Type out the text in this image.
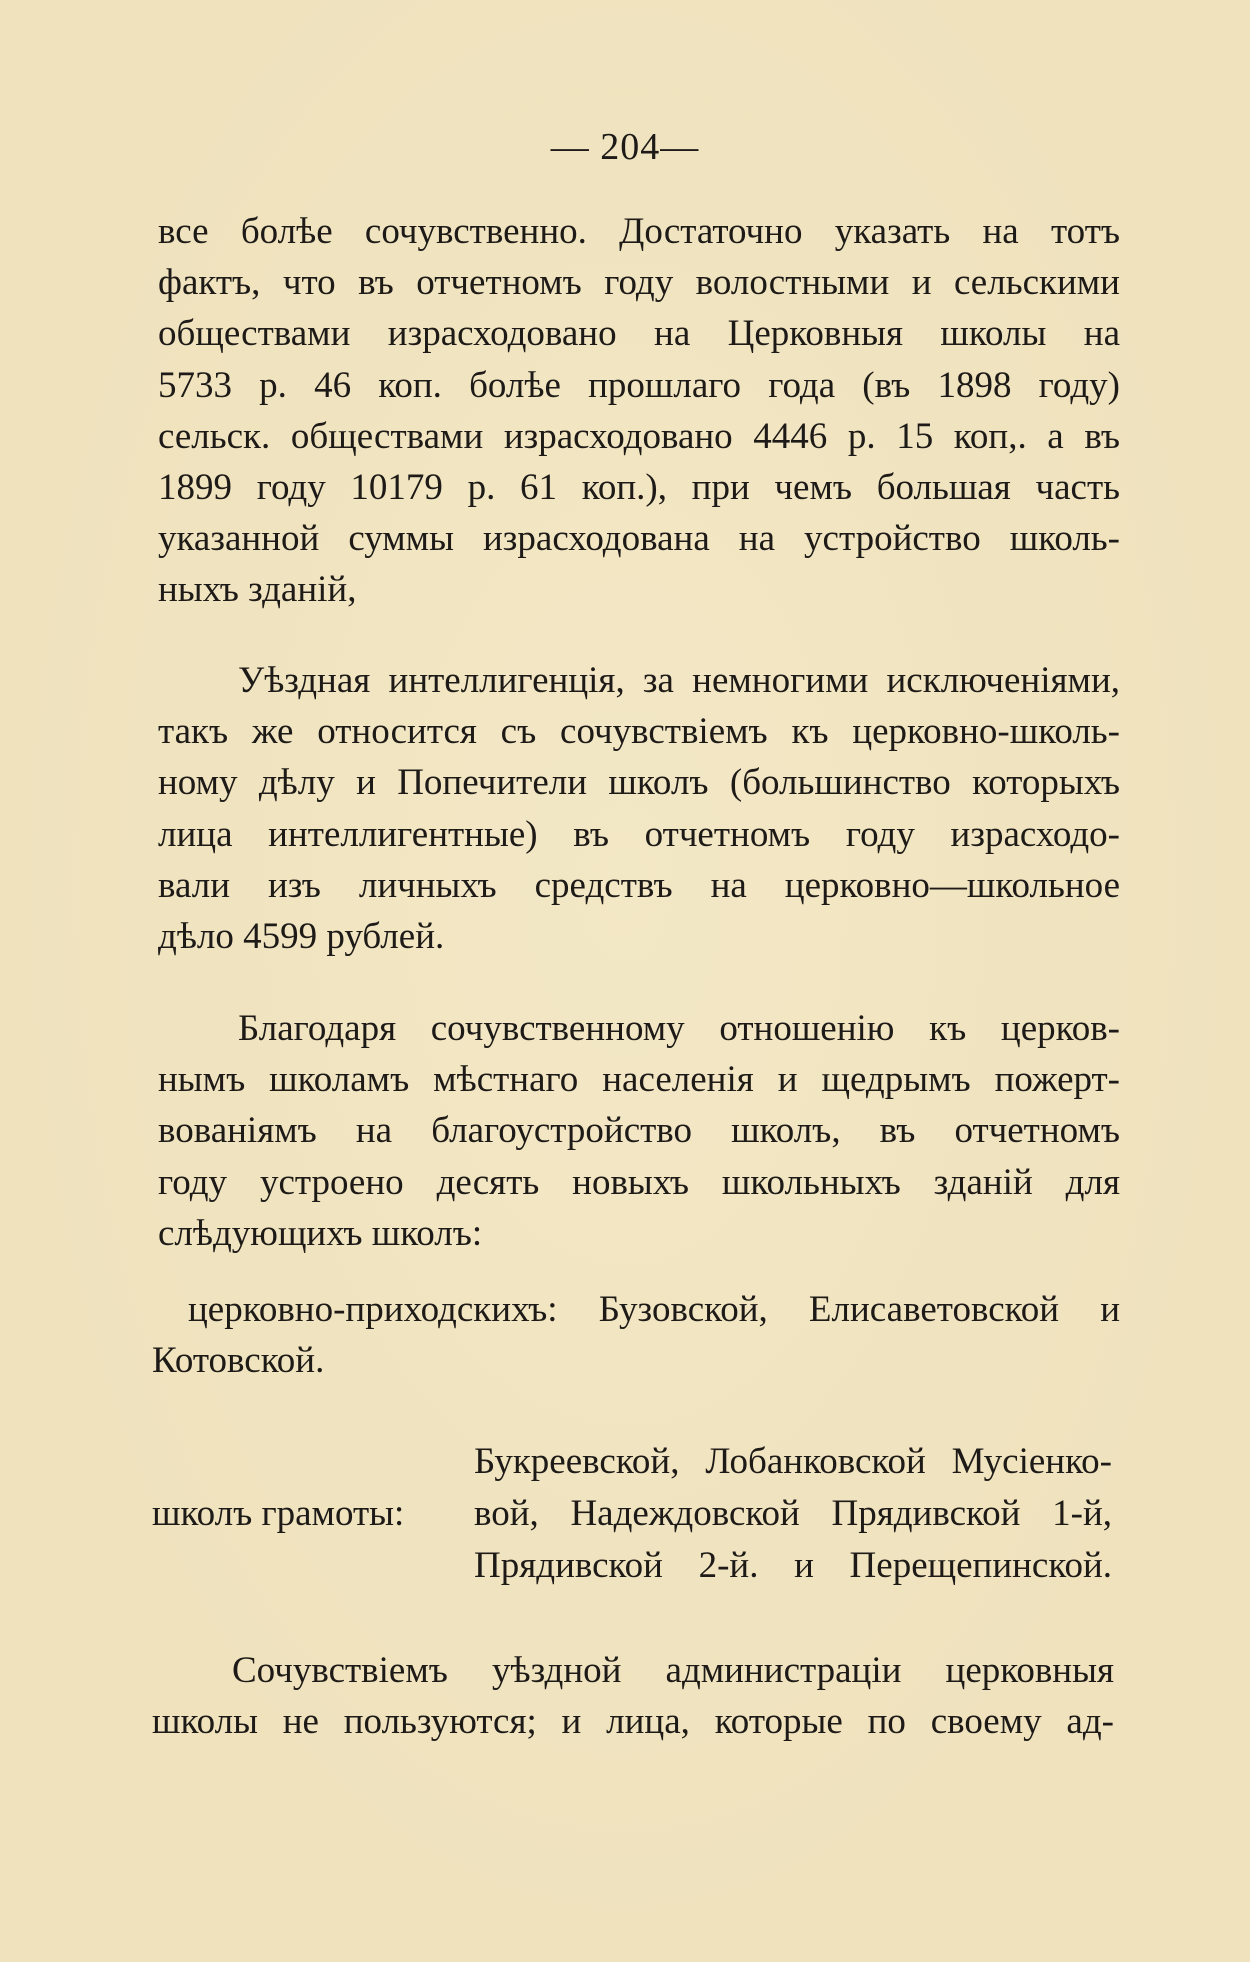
— 204—
все болѣе сочувственно. Достаточно указать на тотъ
фактъ, что въ отчетномъ году волостными и сельскими
обществами израсходовано на Церковныя школы на
5733 р. 46 коп. болѣе прошлаго года (въ 1898 году)
сельск. обществами израсходовано 4446 р. 15 коп,. а въ
1899 году 10179 р. 61 коп.), при чемъ большая часть
указанной суммы израсходована на устройство школь-
ныхъ зданій,
Уѣздная интеллигенція, за немногими исключеніями,
такъ же относится съ сочувствіемъ къ церковно-школь-
ному дѣлу и Попечители школъ (большинство которыхъ
лица интеллигентные) въ отчетномъ году израсходо-
вали изъ личныхъ средствъ на церковно—школьное
дѣло 4599 рублей.
Благодаря сочувственному отношенію къ церков-
нымъ школамъ мѣстнаго населенія и щедрымъ пожерт-
вованіямъ на благоустройство школъ, въ отчетномъ
году устроено десять новыхъ школьныхъ зданій для
слѣдующихъ школъ:
церковно-приходскихъ: Бузовской, Елисаветовской и
Котовской.
школъ грамоты:
Букреевской, Лобанковской Мусіенко-
вой, Надеждовской Прядивской 1-й,
Прядивской 2-й. и Перещепинской.
Сочувствіемъ уѣздной администраціи церковныя
школы не пользуются; и лица, которые по своему ад-
